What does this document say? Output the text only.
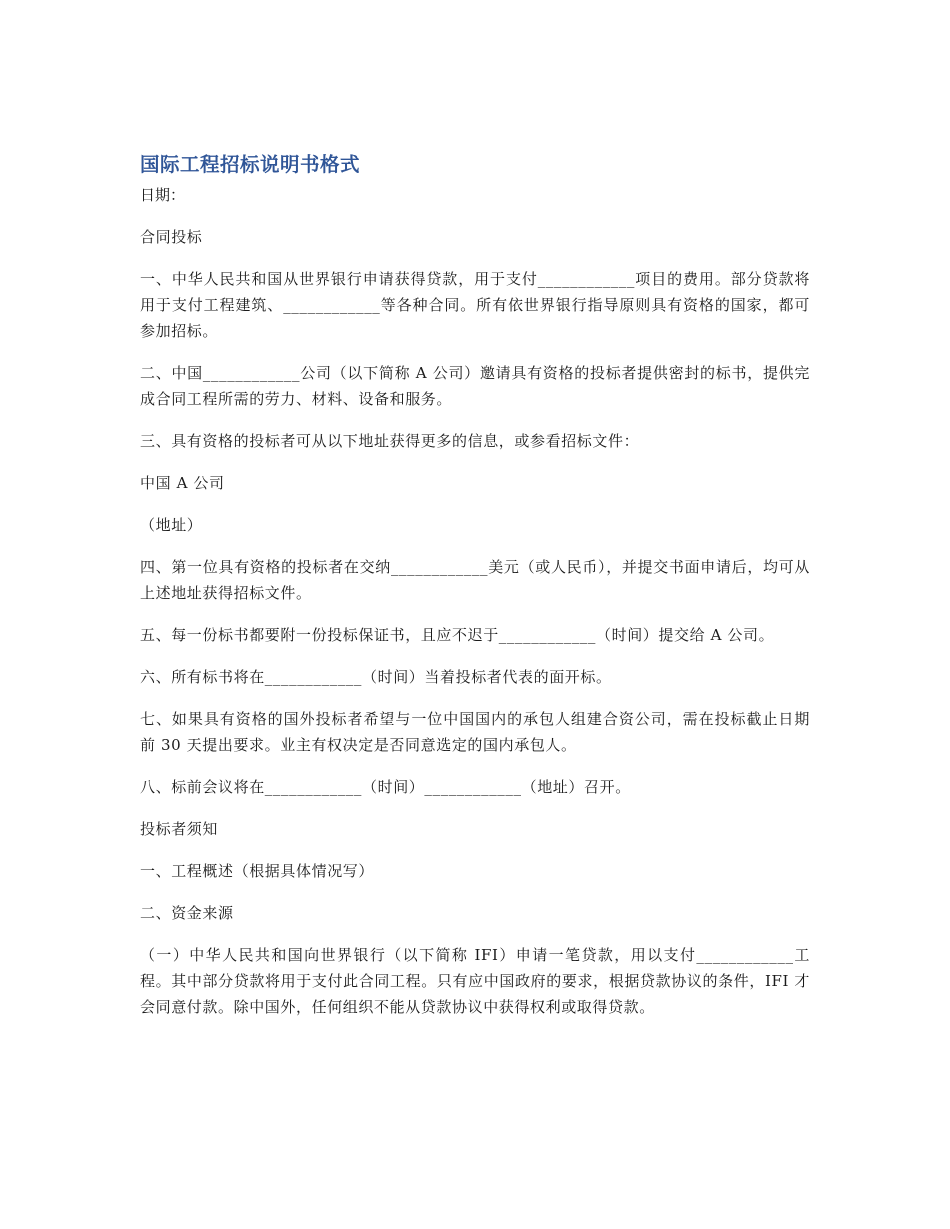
国际工程招标说明书格式

日期：

合同投标

一、中华人民共和国从世界银行申请获得贷款，用于支付____________项目的费用。部分贷款将用于支付工程建筑、____________等各种合同。所有依世界银行指导原则具有资格的国家，都可参加招标。

二、中国____________公司（以下简称 A 公司）邀请具有资格的投标者提供密封的标书，提供完成合同工程所需的劳力、材料、设备和服务。

三、具有资格的投标者可从以下地址获得更多的信息，或参看招标文件：

中国 A 公司

（地址）

四、第一位具有资格的投标者在交纳____________美元（或人民币），并提交书面申请后，均可从上述地址获得招标文件。

五、每一份标书都要附一份投标保证书，且应不迟于____________（时间）提交给 A 公司。

六、所有标书将在____________（时间）当着投标者代表的面开标。

七、如果具有资格的国外投标者希望与一位中国国内的承包人组建合资公司，需在投标截止日期前 30 天提出要求。业主有权决定是否同意选定的国内承包人。

八、标前会议将在____________（时间）____________（地址）召开。

投标者须知

一、工程概述（根据具体情况写）

二、资金来源

（一）中华人民共和国向世界银行（以下简称 IFI）申请一笔贷款，用以支付____________工程。其中部分贷款将用于支付此合同工程。只有应中国政府的要求，根据贷款协议的条件，IFI 才会同意付款。除中国外，任何组织不能从贷款协议中获得权利或取得贷款。
